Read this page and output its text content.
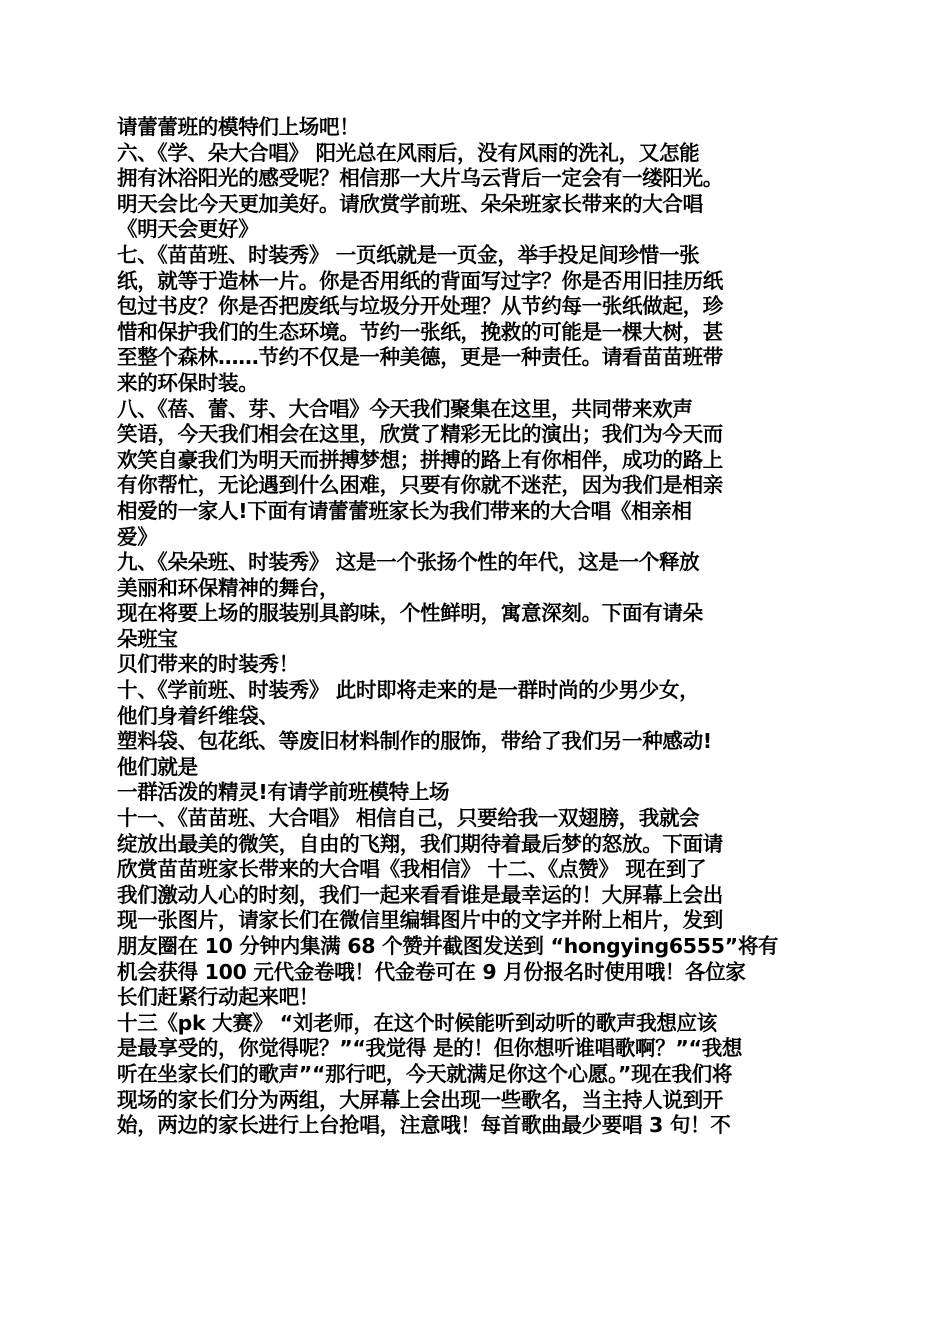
请蕾蕾班的模特们上场吧！
六、《学、朵大合唱》 阳光总在风雨后，没有风雨的洗礼，又怎能
拥有沐浴阳光的感受呢？相信那一大片乌云背后一定会有一缕阳光。
明天会比今天更加美好。请欣赏学前班、朵朵班家长带来的大合唱
《明天会更好》
七、《苗苗班、时装秀》 一页纸就是一页金，举手投足间珍惜一张
纸，就等于造林一片。你是否用纸的背面写过字？你是否用旧挂历纸
包过书皮？你是否把废纸与垃圾分开处理？从节约每一张纸做起，珍
惜和保护我们的生态环境。节约一张纸，挽救的可能是一棵大树，甚
至整个森林……节约不仅是一种美德，更是一种责任。请看苗苗班带
来的环保时装。
八、《蓓、蕾、芽、大合唱》今天我们聚集在这里，共同带来欢声
笑语，今天我们相会在这里，欣赏了精彩无比的演出；我们为今天而
欢笑自豪我们为明天而拼搏梦想；拼搏的路上有你相伴，成功的路上
有你帮忙，无论遇到什么困难，只要有你就不迷茫，因为我们是相亲
相爱的一家人!下面有请蕾蕾班家长为我们带来的大合唱《相亲相
爱》
九、《朵朵班、时装秀》 这是一个张扬个性的年代，这是一个释放
美丽和环保精神的舞台，
现在将要上场的服装别具韵味，个性鲜明，寓意深刻。下面有请朵
朵班宝
贝们带来的时装秀！
十、《学前班、时装秀》 此时即将走来的是一群时尚的少男少女，
他们身着纤维袋、
塑料袋、包花纸、等废旧材料制作的服饰，带给了我们另一种感动!
他们就是
一群活泼的精灵!有请学前班模特上场
十一、《苗苗班、大合唱》 相信自己，只要给我一双翅膀，我就会
绽放出最美的微笑，自由的飞翔，我们期待着最后梦的怒放。下面请
欣赏苗苗班家长带来的大合唱《我相信》 十二、《点赞》 现在到了
我们激动人心的时刻，我们一起来看看谁是最幸运的！大屏幕上会出
现一张图片，请家长们在微信里编辑图片中的文字并附上相片，发到
朋友圈在 10 分钟内集满 68 个赞并截图发送到 “hongying6555”将有
机会获得 100 元代金卷哦！代金卷可在 9 月份报名时使用哦！各位家
长们赶紧行动起来吧！
十三《pk 大赛》 “刘老师，在这个时候能听到动听的歌声我想应该
是最享受的，你觉得呢？”“我觉得 是的！但你想听谁唱歌啊？”“我想
听在坐家长们的歌声”“那行吧，今天就满足你这个心愿。”现在我们将
现场的家长们分为两组，大屏幕上会出现一些歌名，当主持人说到开
始，两边的家长进行上台抢唱，注意哦！每首歌曲最少要唱 3 句！不
